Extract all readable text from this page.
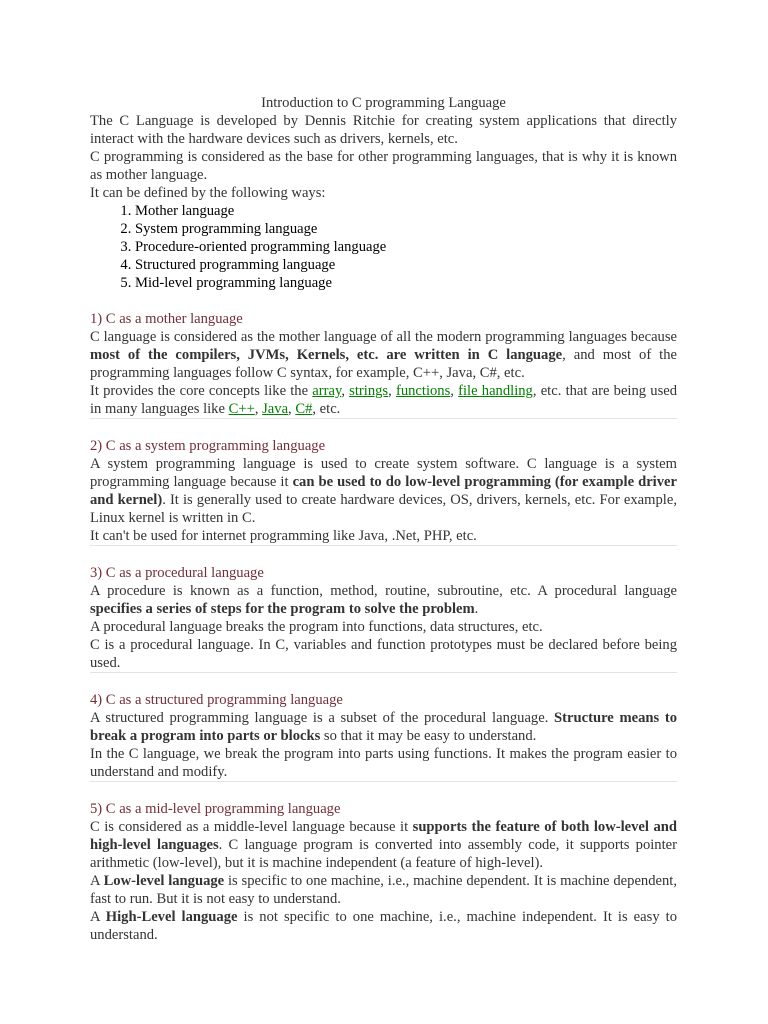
Introduction to C programming Language

The C Language is developed by Dennis Ritchie for creating system applications that directly interact with the hardware devices such as drivers, kernels, etc.

C programming is considered as the base for other programming languages, that is why it is known as mother language.

It can be defined by the following ways:

1. Mother language
2. System programming language
3. Procedure-oriented programming language
4. Structured programming language
5. Mid-level programming language

1) C as a mother language

C language is considered as the mother language of all the modern programming languages because most of the compilers, JVMs, Kernels, etc. are written in C language, and most of the programming languages follow C syntax, for example, C++, Java, C#, etc.

It provides the core concepts like the array, strings, functions, file handling, etc. that are being used in many languages like C++, Java, C#, etc.

2) C as a system programming language

A system programming language is used to create system software. C language is a system programming language because it can be used to do low-level programming (for example driver and kernel). It is generally used to create hardware devices, OS, drivers, kernels, etc. For example, Linux kernel is written in C.

It can't be used for internet programming like Java, .Net, PHP, etc.

3) C as a procedural language

A procedure is known as a function, method, routine, subroutine, etc. A procedural language specifies a series of steps for the program to solve the problem.

A procedural language breaks the program into functions, data structures, etc.

C is a procedural language. In C, variables and function prototypes must be declared before being used.

4) C as a structured programming language

A structured programming language is a subset of the procedural language. Structure means to break a program into parts or blocks so that it may be easy to understand.

In the C language, we break the program into parts using functions. It makes the program easier to understand and modify.

5) C as a mid-level programming language

C is considered as a middle-level language because it supports the feature of both low-level and high-level languages. C language program is converted into assembly code, it supports pointer arithmetic (low-level), but it is machine independent (a feature of high-level).

A Low-level language is specific to one machine, i.e., machine dependent. It is machine dependent, fast to run. But it is not easy to understand.

A High-Level language is not specific to one machine, i.e., machine independent. It is easy to understand.
